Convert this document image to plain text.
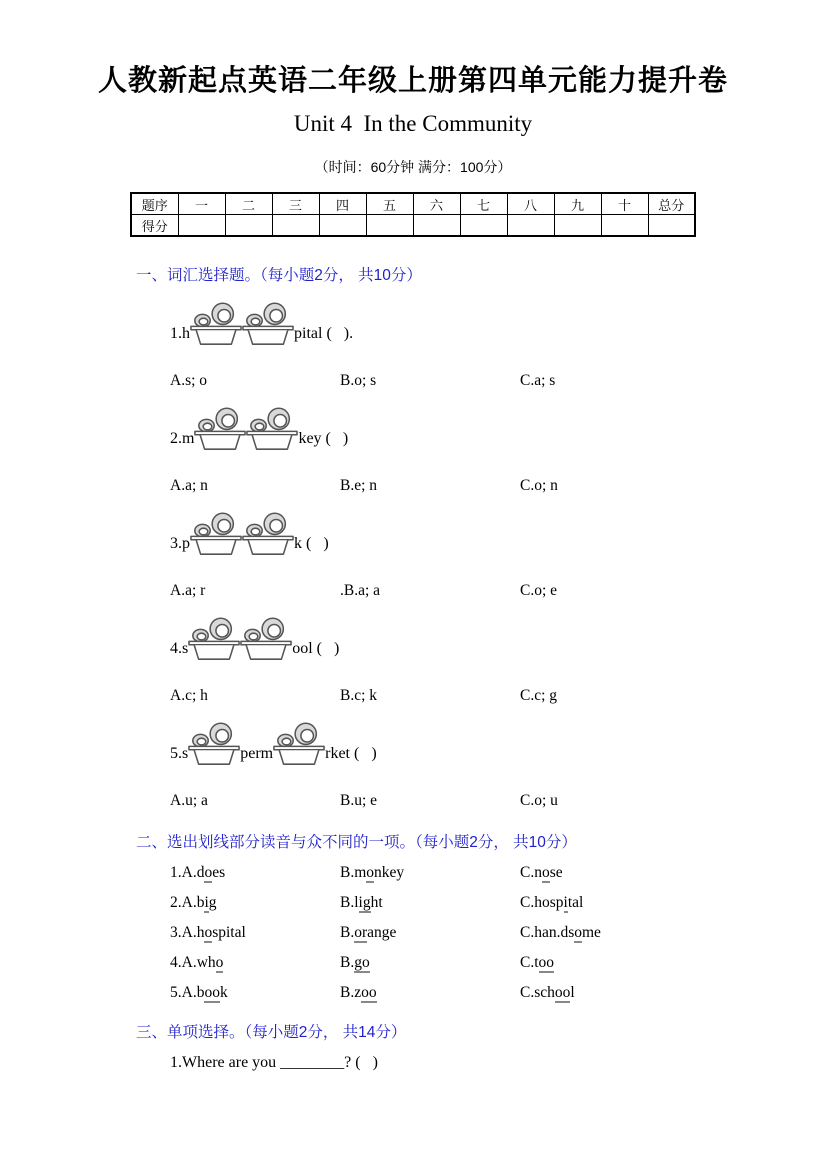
人教新起点英语二年级上册第四单元能力提升卷
Unit 4  In the Community
（时间：60分钟 满分：100分）
题序	一	二	三	四	五	六	七	八	九	十	总分
得分											
一、词汇选择题。（每小题2分， 共10分）
1.h	pital (   ).
A.s; o	B.o; s	C.a; s
2.m	key (   )
A.a; n	B.e; n	C.o; n
3.p	k (   )
A.a; r	.B.a; a	C.o; e
4.s	ool (   )
A.c; h	B.c; k	C.c; g
5.s	perm	rket (   )
A.u; a	B.u; e	C.o; u
二、选出划线部分读音与众不同的一项。（每小题2分， 共10分）
1.A.does	B.monkey	C.nose
2.A.big	B.light	C.hospital
3.A.hospital	B.orange	C.han.dsome
4.A.who	B.go	C.too
5.A.book	B.zoo	C.school
三、单项选择。（每小题2分， 共14分）
1.Where are you ________? (   )
